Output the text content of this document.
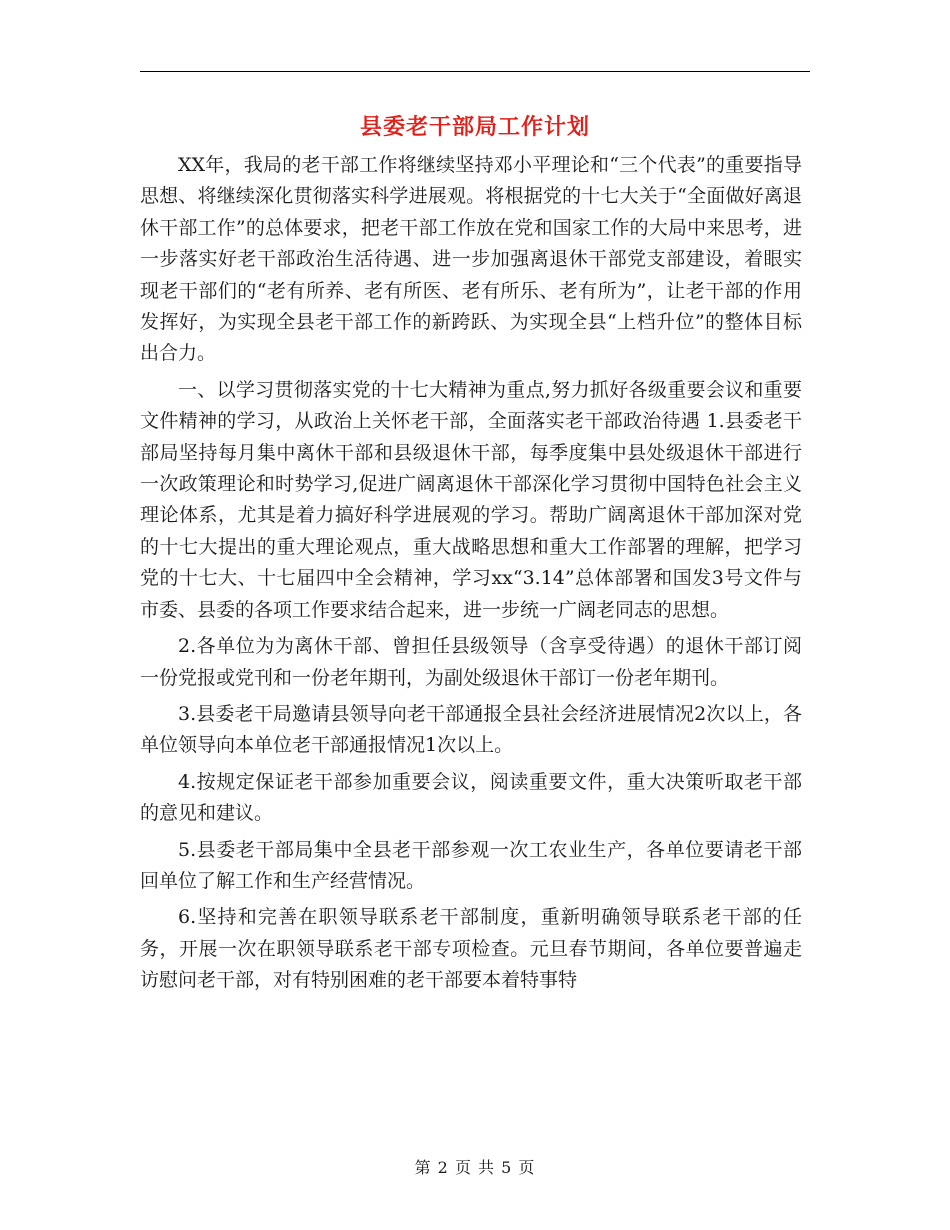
县委老干部局工作计划

XX年，我局的老干部工作将继续坚持邓小平理论和“三个代表”的重要指导思想、将继续深化贯彻落实科学进展观。将根据党的十七大关于“全面做好离退休干部工作”的总体要求，把老干部工作放在党和国家工作的大局中来思考，进一步落实好老干部政治生活待遇、进一步加强离退休干部党支部建设，着眼实现老干部们的“老有所养、老有所医、老有所乐、老有所为”，让老干部的作用发挥好，为实现全县老干部工作的新跨跃、为实现全县“上档升位”的整体目标出合力。

一、以学习贯彻落实党的十七大精神为重点,努力抓好各级重要会议和重要文件精神的学习，从政治上关怀老干部，全面落实老干部政治待遇 1.县委老干部局坚持每月集中离休干部和县级退休干部，每季度集中县处级退休干部进行一次政策理论和时势学习,促进广阔离退休干部深化学习贯彻中国特色社会主义理论体系，尤其是着力搞好科学进展观的学习。帮助广阔离退休干部加深对党的十七大提出的重大理论观点，重大战略思想和重大工作部署的理解，把学习党的十七大、十七届四中全会精神，学习xx“3.14”总体部署和国发3号文件与市委、县委的各项工作要求结合起来，进一步统一广阔老同志的思想。

2.各单位为为离休干部、曾担任县级领导（含享受待遇）的退休干部订阅一份党报或党刊和一份老年期刊，为副处级退休干部订一份老年期刊。

3.县委老干局邀请县领导向老干部通报全县社会经济进展情况2次以上，各单位领导向本单位老干部通报情况1次以上。

4.按规定保证老干部参加重要会议，阅读重要文件，重大决策听取老干部的意见和建议。

5.县委老干部局集中全县老干部参观一次工农业生产，各单位要请老干部回单位了解工作和生产经营情况。

6.坚持和完善在职领导联系老干部制度，重新明确领导联系老干部的任务，开展一次在职领导联系老干部专项检查。元旦春节期间，各单位要普遍走访慰问老干部，对有特别困难的老干部要本着特事特

第 2 页 共 5 页
